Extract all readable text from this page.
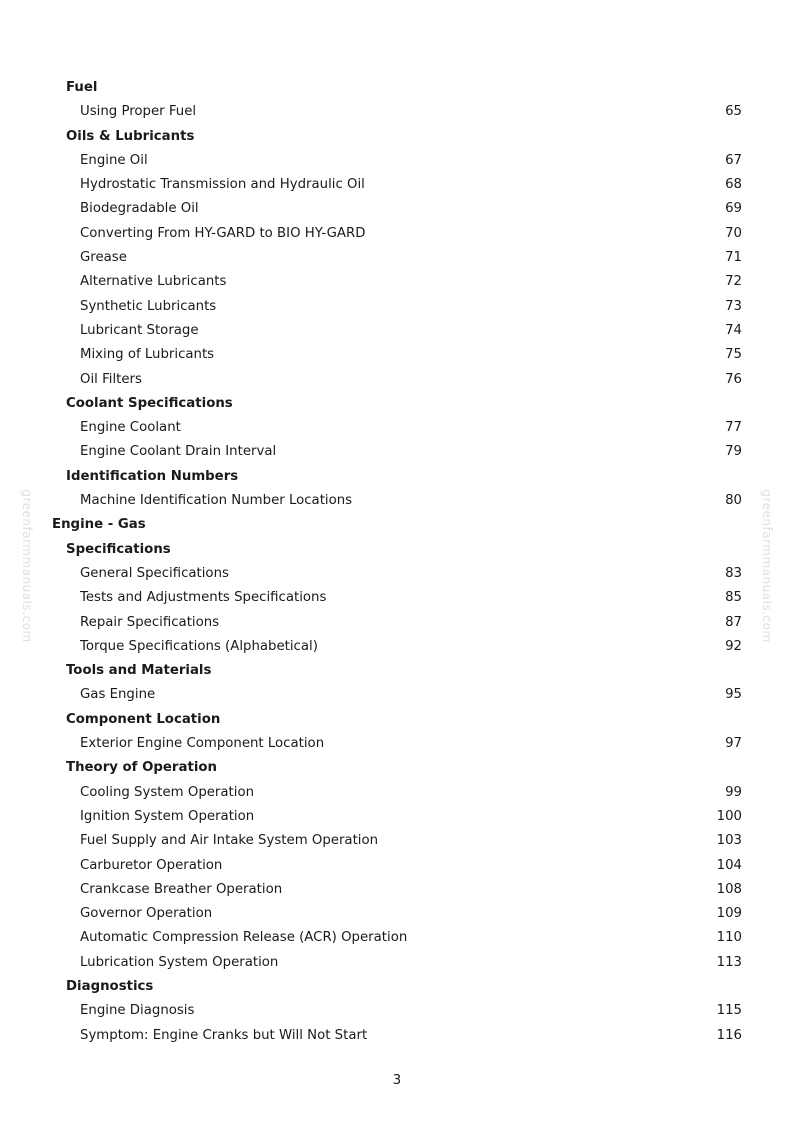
greenfarmmanuals.com	greenfarmmanuals.com
Fuel
Using Proper Fuel	65
Oils & Lubricants
Engine Oil	67
Hydrostatic Transmission and Hydraulic Oil	68
Biodegradable Oil	69
Converting From HY-GARD to BIO HY-GARD	70
Grease	71
Alternative Lubricants	72
Synthetic Lubricants	73
Lubricant Storage	74
Mixing of Lubricants	75
Oil Filters	76
Coolant Specifications
Engine Coolant	77
Engine Coolant Drain Interval	79
Identification Numbers
Machine Identification Number Locations	80
Engine - Gas
Specifications
General Specifications	83
Tests and Adjustments Specifications	85
Repair Specifications	87
Torque Specifications (Alphabetical)	92
Tools and Materials
Gas Engine	95
Component Location
Exterior Engine Component Location	97
Theory of Operation
Cooling System Operation	99
Ignition System Operation	100
Fuel Supply and Air Intake System Operation	103
Carburetor Operation	104
Crankcase Breather Operation	108
Governor Operation	109
Automatic Compression Release (ACR) Operation	110
Lubrication System Operation	113
Diagnostics
Engine Diagnosis	115
Symptom: Engine Cranks but Will Not Start	116
3
